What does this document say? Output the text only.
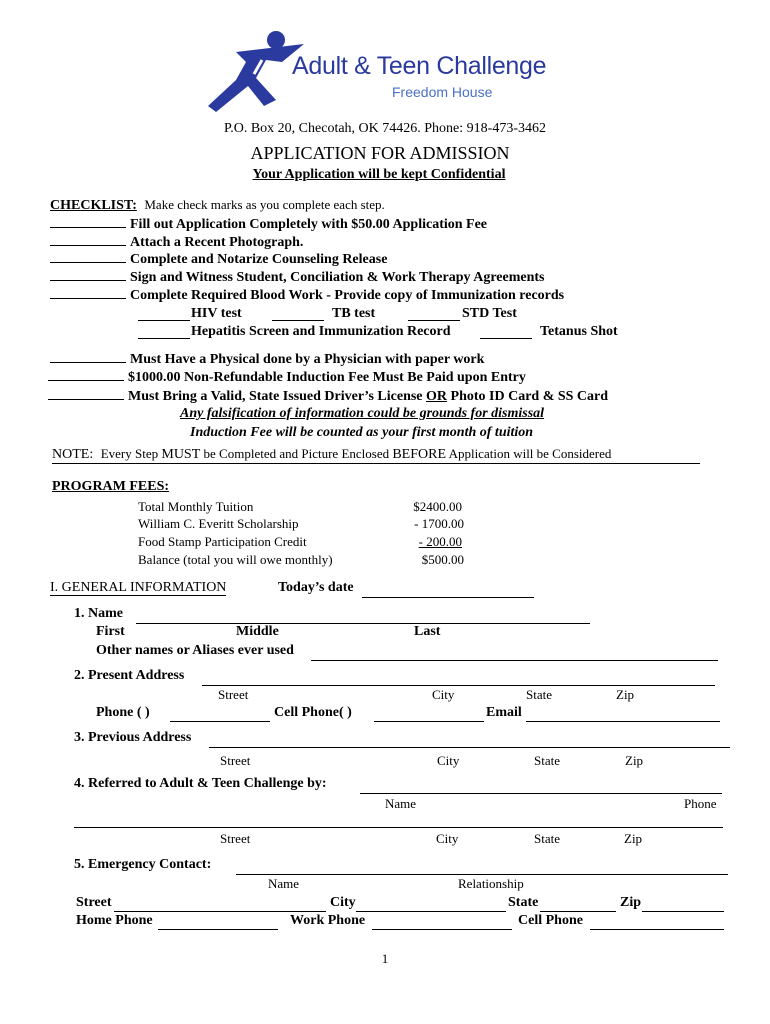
®
Adult & Teen Challenge
Freedom House
P.O. Box 20, Checotah, OK 74426. Phone: 918-473-3462
APPLICATION FOR ADMISSION
Your Application will be kept Confidential
CHECKLIST: Make check marks as you complete each step.
Fill out Application Completely with $50.00 Application Fee
Attach a Recent Photograph.
Complete and Notarize Counseling Release
Sign and Witness Student, Conciliation & Work Therapy Agreements
Complete Required Blood Work - Provide copy of Immunization records
HIV test	TB test	STD Test
Hepatitis Screen and Immunization Record	Tetanus Shot
Must Have a Physical done by a Physician with paper work
$1000.00 Non-Refundable Induction Fee Must Be Paid upon Entry
Must Bring a Valid, State Issued Driver’s License OR Photo ID Card & SS Card
Any falsification of information could be grounds for dismissal
Induction Fee will be counted as your first month of tuition
NOTE: Every Step MUST be Completed and Picture Enclosed BEFORE Application will be Considered
PROGRAM FEES:
Total Monthly Tuition	$2400.00
William C. Everitt Scholarship	- 1700.00
Food Stamp Participation Credit	- 200.00
Balance (total you will owe monthly)	$500.00
I. GENERAL INFORMATION	Today’s date
1. Name
First	Middle	Last
Other names or Aliases ever used
2. Present Address
Street	City	State	Zip
Phone ( )	Cell Phone( )	Email
3. Previous Address
Street	City	State	Zip
4. Referred to Adult & Teen Challenge by:
Name	Phone
Street	City	State	Zip
5. Emergency Contact:
Name	Relationship
Street	City	State	Zip
Home Phone	Work Phone	Cell Phone
1
